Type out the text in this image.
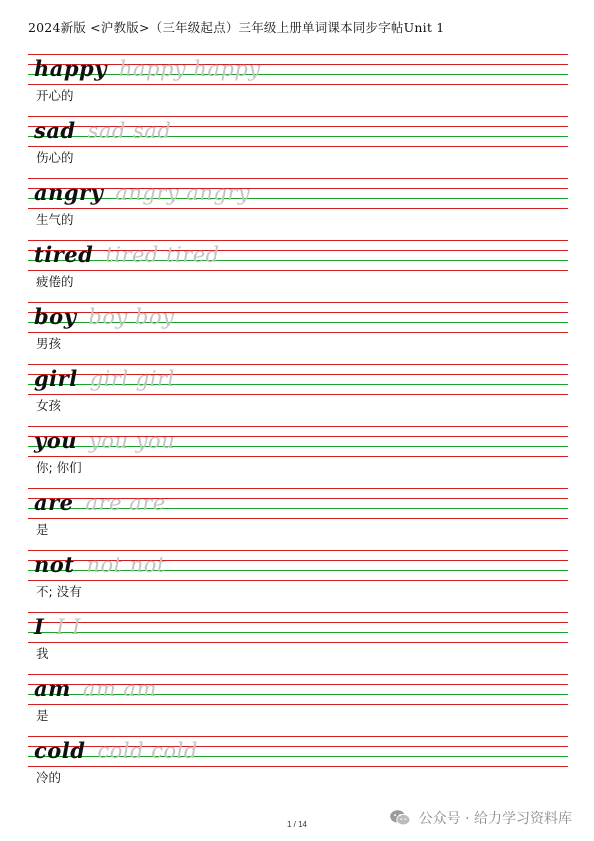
2024新版 <沪教版>（三年级起点）三年级上册单词课本同步字帖Unit 1
happy happy happy
开心的
sad sad sad
伤心的
angry angry angry
生气的
tired tired tired
疲倦的
boy boy boy
男孩
girl girl girl
女孩
you you you
你; 你们
are are are
是
not not not
不; 没有
I I I
我
am am am
是
cold cold cold
冷的
1 / 14	公众号 · 给力学习资料库
